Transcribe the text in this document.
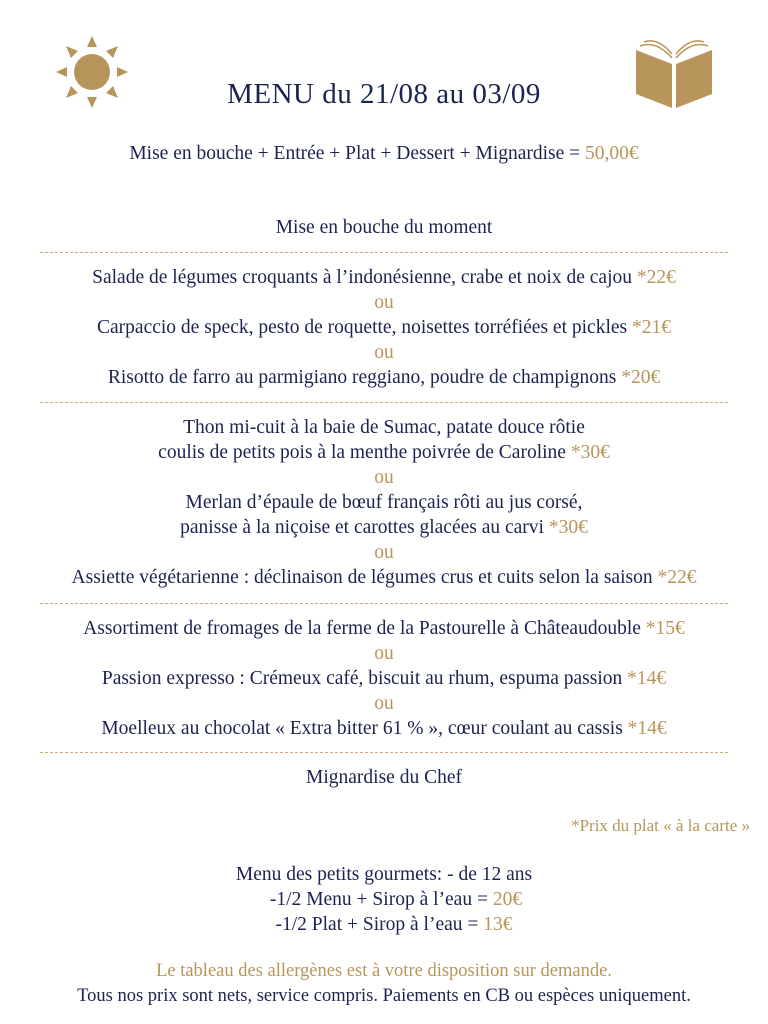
MENU du 21/08 au 03/09
Mise en bouche + Entrée + Plat + Dessert + Mignardise = 50,00€
Mise en bouche du moment
Salade de légumes croquants à l’indonésienne, crabe et noix de cajou *22€
ou
Carpaccio de speck, pesto de roquette, noisettes torréfiées et pickles *21€
ou
Risotto de farro au parmigiano reggiano, poudre de champignons *20€
Thon mi-cuit à la baie de Sumac, patate douce rôtie
coulis de petits pois à la menthe poivrée de Caroline *30€
ou
Merlan d’épaule de bœuf français rôti au jus corsé,
panisse à la niçoise et carottes glacées au carvi *30€
ou
Assiette végétarienne : déclinaison de légumes crus et cuits selon la saison *22€
Assortiment de fromages de la ferme de la Pastourelle à Châteaudouble *15€
ou
Passion expresso : Crémeux café, biscuit au rhum, espuma passion *14€
ou
Moelleux au chocolat « Extra bitter 61 % », cœur coulant au cassis *14€
Mignardise du Chef
*Prix du plat « à la carte »
Menu des petits gourmets: - de 12 ans
-1/2 Menu + Sirop à l’eau = 20€
-1/2 Plat + Sirop à l’eau = 13€
Le tableau des allergènes est à votre disposition sur demande.
Tous nos prix sont nets, service compris. Paiements en CB ou espèces uniquement.
